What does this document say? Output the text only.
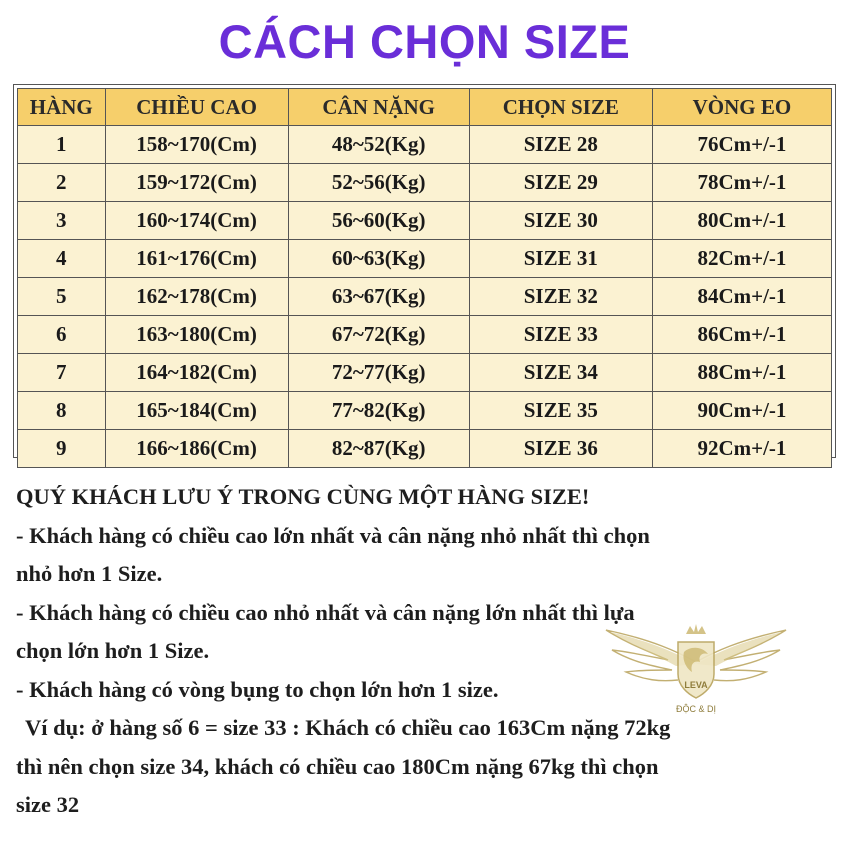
CÁCH CHỌN SIZE
HÀNG	CHIỀU CAO	CÂN NẶNG	CHỌN SIZE	VÒNG EO
1	158~170(Cm)	48~52(Kg)	SIZE 28	76Cm+/-1
2	159~172(Cm)	52~56(Kg)	SIZE 29	78Cm+/-1
3	160~174(Cm)	56~60(Kg)	SIZE 30	80Cm+/-1
4	161~176(Cm)	60~63(Kg)	SIZE 31	82Cm+/-1
5	162~178(Cm)	63~67(Kg)	SIZE 32	84Cm+/-1
6	163~180(Cm)	67~72(Kg)	SIZE 33	86Cm+/-1
7	164~182(Cm)	72~77(Kg)	SIZE 34	88Cm+/-1
8	165~184(Cm)	77~82(Kg)	SIZE 35	90Cm+/-1
9	166~186(Cm)	82~87(Kg)	SIZE 36	92Cm+/-1

QUÝ KHÁCH LƯU Ý TRONG CÙNG MỘT HÀNG SIZE!

- Khách hàng có chiều cao lớn nhất và cân nặng nhỏ nhất thì chọn

nhỏ hơn 1 Size.

- Khách hàng có chiều cao nhỏ nhất và cân nặng lớn nhất thì lựa

chọn lớn hơn 1 Size.

- Khách hàng có vòng bụng to chọn lớn hơn 1 size.

Ví dụ: ở hàng số 6 = size 33 : Khách có chiều cao 163Cm nặng 72kg

thì nên chọn size 34, khách có chiều cao 180Cm nặng 67kg thì chọn

size 32

LEVA
ĐỘC & DỊ
